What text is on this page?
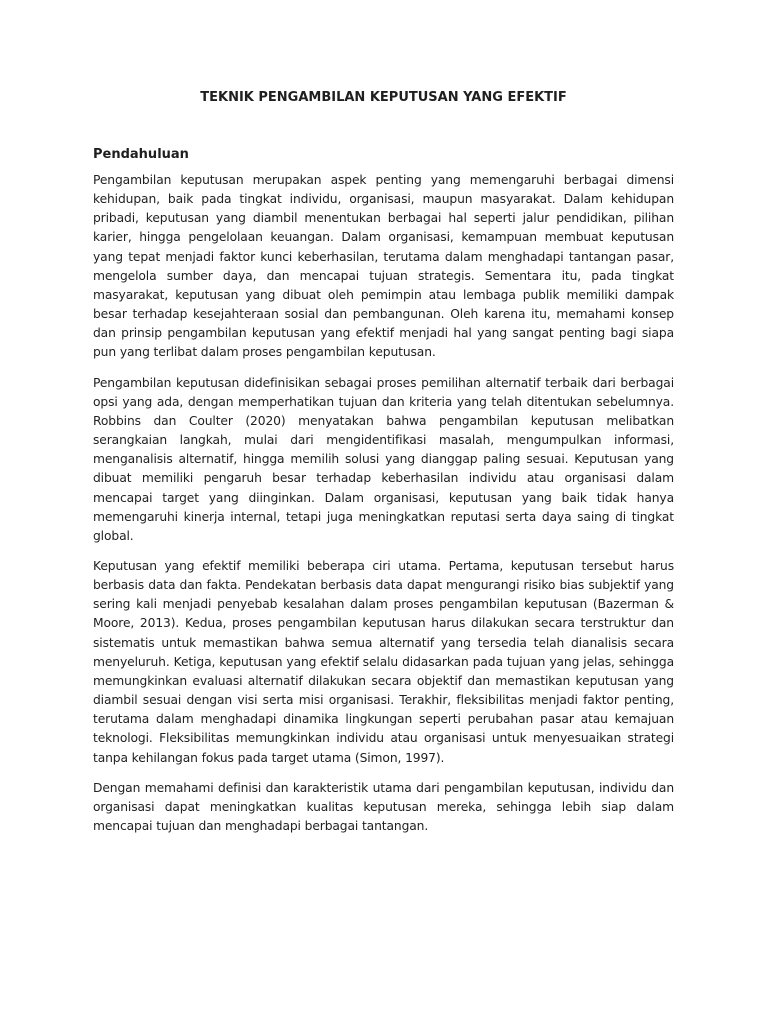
TEKNIK PENGAMBILAN KEPUTUSAN YANG EFEKTIF
Pendahuluan

Pengambilan keputusan merupakan aspek penting yang memengaruhi berbagai dimensi kehidupan, baik pada tingkat individu, organisasi, maupun masyarakat. Dalam kehidupan pribadi, keputusan yang diambil menentukan berbagai hal seperti jalur pendidikan, pilihan karier, hingga pengelolaan keuangan. Dalam organisasi, kemampuan membuat keputusan yang tepat menjadi faktor kunci keberhasilan, terutama dalam menghadapi tantangan pasar, mengelola sumber daya, dan mencapai tujuan strategis. Sementara itu, pada tingkat masyarakat, keputusan yang dibuat oleh pemimpin atau lembaga publik memiliki dampak besar terhadap kesejahteraan sosial dan pembangunan. Oleh karena itu, memahami konsep dan prinsip pengambilan keputusan yang efektif menjadi hal yang sangat penting bagi siapa pun yang terlibat dalam proses pengambilan keputusan.

Pengambilan keputusan didefinisikan sebagai proses pemilihan alternatif terbaik dari berbagai opsi yang ada, dengan memperhatikan tujuan dan kriteria yang telah ditentukan sebelumnya. Robbins dan Coulter (2020) menyatakan bahwa pengambilan keputusan melibatkan serangkaian langkah, mulai dari mengidentifikasi masalah, mengumpulkan informasi, menganalisis alternatif, hingga memilih solusi yang dianggap paling sesuai. Keputusan yang dibuat memiliki pengaruh besar terhadap keberhasilan individu atau organisasi dalam mencapai target yang diinginkan. Dalam organisasi, keputusan yang baik tidak hanya memengaruhi kinerja internal, tetapi juga meningkatkan reputasi serta daya saing di tingkat global.

Keputusan yang efektif memiliki beberapa ciri utama. Pertama, keputusan tersebut harus berbasis data dan fakta. Pendekatan berbasis data dapat mengurangi risiko bias subjektif yang sering kali menjadi penyebab kesalahan dalam proses pengambilan keputusan (Bazerman & Moore, 2013). Kedua, proses pengambilan keputusan harus dilakukan secara terstruktur dan sistematis untuk memastikan bahwa semua alternatif yang tersedia telah dianalisis secara menyeluruh. Ketiga, keputusan yang efektif selalu didasarkan pada tujuan yang jelas, sehingga memungkinkan evaluasi alternatif dilakukan secara objektif dan memastikan keputusan yang diambil sesuai dengan visi serta misi organisasi. Terakhir, fleksibilitas menjadi faktor penting, terutama dalam menghadapi dinamika lingkungan seperti perubahan pasar atau kemajuan teknologi. Fleksibilitas memungkinkan individu atau organisasi untuk menyesuaikan strategi tanpa kehilangan fokus pada target utama (Simon, 1997).

Dengan memahami definisi dan karakteristik utama dari pengambilan keputusan, individu dan organisasi dapat meningkatkan kualitas keputusan mereka, sehingga lebih siap dalam mencapai tujuan dan menghadapi berbagai tantangan.
